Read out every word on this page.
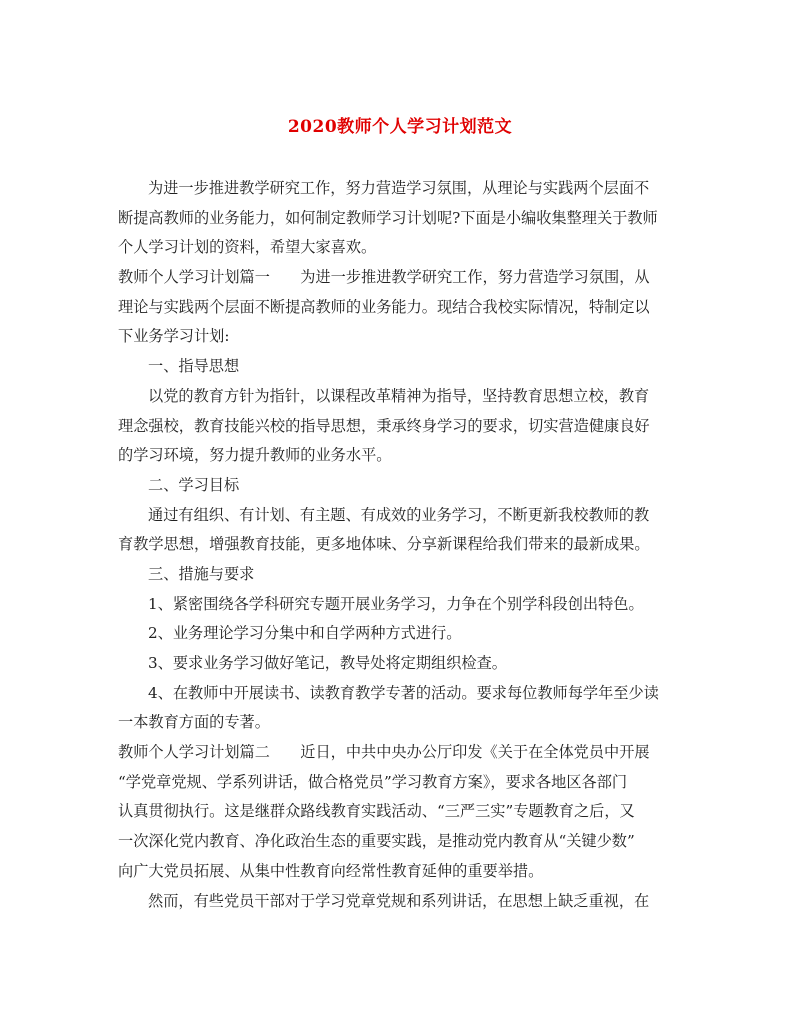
2020教师个人学习计划范文
为进一步推进教学研究工作，努力营造学习氛围，从理论与实践两个层面不
断提高教师的业务能力，如何制定教师学习计划呢?下面是小编收集整理关于教师
个人学习计划的资料，希望大家喜欢。
教师个人学习计划篇一　　为进一步推进教学研究工作，努力营造学习氛围，从
理论与实践两个层面不断提高教师的业务能力。现结合我校实际情况，特制定以
下业务学习计划:
一、指导思想
以党的教育方针为指针，以课程改革精神为指导，坚持教育思想立校，教育
理念强校，教育技能兴校的指导思想，秉承终身学习的要求，切实营造健康良好
的学习环境，努力提升教师的业务水平。
二、学习目标
通过有组织、有计划、有主题、有成效的业务学习，不断更新我校教师的教
育教学思想，增强教育技能，更多地体味、分享新课程给我们带来的最新成果。
三、措施与要求
1、紧密围绕各学科研究专题开展业务学习，力争在个别学科段创出特色。
2、业务理论学习分集中和自学两种方式进行。
3、要求业务学习做好笔记，教导处将定期组织检查。
4、在教师中开展读书、读教育教学专著的活动。要求每位教师每学年至少读
一本教育方面的专著。
教师个人学习计划篇二　　近日，中共中央办公厅印发《关于在全体党员中开展
“学党章党规、学系列讲话，做合格党员”学习教育方案》，要求各地区各部门
认真贯彻执行。这是继群众路线教育实践活动、“三严三实”专题教育之后，又
一次深化党内教育、净化政治生态的重要实践，是推动党内教育从“关键少数”
向广大党员拓展、从集中性教育向经常性教育延伸的重要举措。
然而，有些党员干部对于学习党章党规和系列讲话，在思想上缺乏重视，在
